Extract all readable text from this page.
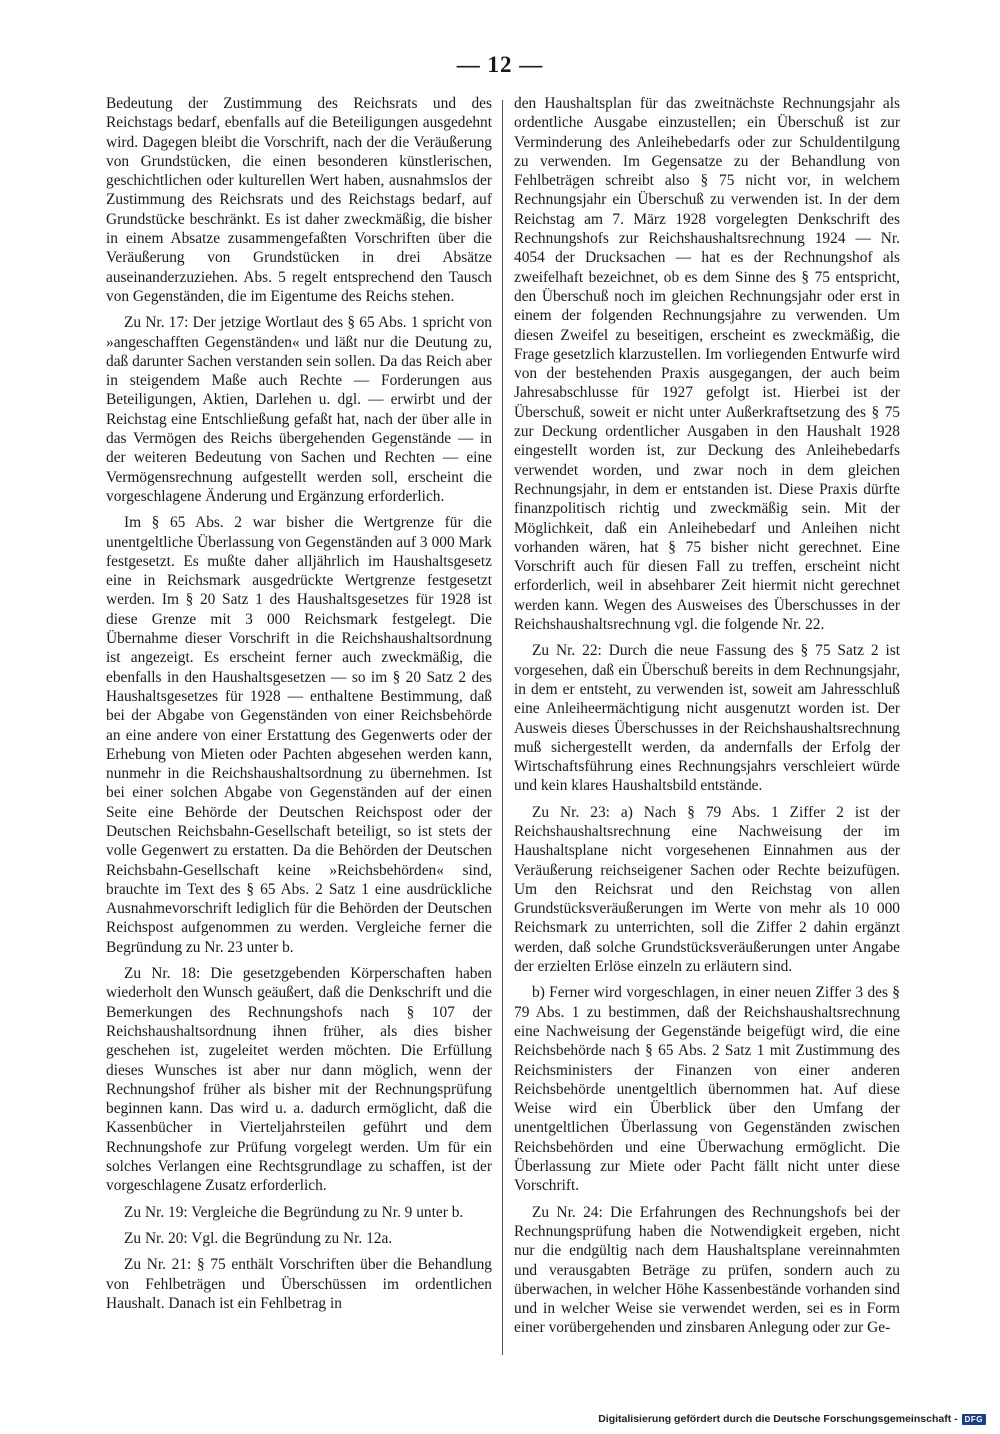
— 12 —

Bedeutung der Zustimmung des Reichsrats und des Reichstags bedarf, ebenfalls auf die Beteiligungen ausgedehnt wird. Dagegen bleibt die Vorschrift, nach der die Veräußerung von Grundstücken, die einen besonderen künstlerischen, geschichtlichen oder kulturellen Wert haben, ausnahmslos der Zustimmung des Reichsrats und des Reichstags bedarf, auf Grundstücke beschränkt. Es ist daher zweckmäßig, die bisher in einem Absatze zusammengefaßten Vorschriften über die Veräußerung von Grundstücken in drei Absätze auseinanderzuziehen. Abs. 5 regelt entsprechend den Tausch von Gegenständen, die im Eigentume des Reichs stehen.

Zu Nr. 17: Der jetzige Wortlaut des § 65 Abs. 1 spricht von »angeschafften Gegenständen« und läßt nur die Deutung zu, daß darunter Sachen verstanden sein sollen. Da das Reich aber in steigendem Maße auch Rechte — Forderungen aus Beteiligungen, Aktien, Darlehen u. dgl. — erwirbt und der Reichstag eine Entschließung gefaßt hat, nach der über alle in das Vermögen des Reichs übergehenden Gegenstände — in der weiteren Bedeutung von Sachen und Rechten — eine Vermögensrechnung aufgestellt werden soll, erscheint die vorgeschlagene Änderung und Ergänzung erforderlich.

Im § 65 Abs. 2 war bisher die Wertgrenze für die unentgeltliche Überlassung von Gegenständen auf 3 000 Mark festgesetzt. Es mußte daher alljährlich im Haushaltsgesetz eine in Reichsmark ausgedrückte Wertgrenze festgesetzt werden. Im § 20 Satz 1 des Haushaltsgesetzes für 1928 ist diese Grenze mit 3 000 Reichsmark festgelegt. Die Übernahme dieser Vorschrift in die Reichshaushaltsordnung ist angezeigt. Es erscheint ferner auch zweckmäßig, die ebenfalls in den Haushaltsgesetzen — so im § 20 Satz 2 des Haushaltsgesetzes für 1928 — enthaltene Bestimmung, daß bei der Abgabe von Gegenständen von einer Reichsbehörde an eine andere von einer Erstattung des Gegenwerts oder der Erhebung von Mieten oder Pachten abgesehen werden kann, nunmehr in die Reichshaushaltsordnung zu übernehmen. Ist bei einer solchen Abgabe von Gegenständen auf der einen Seite eine Behörde der Deutschen Reichspost oder der Deutschen Reichsbahn-Gesellschaft beteiligt, so ist stets der volle Gegenwert zu erstatten. Da die Behörden der Deutschen Reichsbahn-Gesellschaft keine »Reichsbehörden« sind, brauchte im Text des § 65 Abs. 2 Satz 1 eine ausdrückliche Ausnahmevorschrift lediglich für die Behörden der Deutschen Reichspost aufgenommen zu werden. Vergleiche ferner die Begründung zu Nr. 23 unter b.

Zu Nr. 18: Die gesetzgebenden Körperschaften haben wiederholt den Wunsch geäußert, daß die Denkschrift und die Bemerkungen des Rechnungshofs nach § 107 der Reichshaushaltsordnung ihnen früher, als dies bisher geschehen ist, zugeleitet werden möchten. Die Erfüllung dieses Wunsches ist aber nur dann möglich, wenn der Rechnungshof früher als bisher mit der Rechnungsprüfung beginnen kann. Das wird u. a. dadurch ermöglicht, daß die Kassenbücher in Vierteljahrsteilen geführt und dem Rechnungshofe zur Prüfung vorgelegt werden. Um für ein solches Verlangen eine Rechtsgrundlage zu schaffen, ist der vorgeschlagene Zusatz erforderlich.

Zu Nr. 19: Vergleiche die Begründung zu Nr. 9 unter b.

Zu Nr. 20: Vgl. die Begründung zu Nr. 12a.

Zu Nr. 21: § 75 enthält Vorschriften über die Behandlung von Fehlbeträgen und Überschüssen im ordentlichen Haushalt. Danach ist ein Fehlbetrag in

den Haushaltsplan für das zweitnächste Rechnungsjahr als ordentliche Ausgabe einzustellen; ein Überschuß ist zur Verminderung des Anleihebedarfs oder zur Schuldentilgung zu verwenden. Im Gegensatze zu der Behandlung von Fehlbeträgen schreibt also § 75 nicht vor, in welchem Rechnungsjahr ein Überschuß zu verwenden ist. In der dem Reichstag am 7. März 1928 vorgelegten Denkschrift des Rechnungshofs zur Reichshaushaltsrechnung 1924 — Nr. 4054 der Drucksachen — hat es der Rechnungshof als zweifelhaft bezeichnet, ob es dem Sinne des § 75 entspricht, den Überschuß noch im gleichen Rechnungsjahr oder erst in einem der folgenden Rechnungsjahre zu verwenden. Um diesen Zweifel zu beseitigen, erscheint es zweckmäßig, die Frage gesetzlich klarzustellen. Im vorliegenden Entwurfe wird von der bestehenden Praxis ausgegangen, der auch beim Jahresabschlusse für 1927 gefolgt ist. Hierbei ist der Überschuß, soweit er nicht unter Außerkraftsetzung des § 75 zur Deckung ordentlicher Ausgaben in den Haushalt 1928 eingestellt worden ist, zur Deckung des Anleihebedarfs verwendet worden, und zwar noch in dem gleichen Rechnungsjahr, in dem er entstanden ist. Diese Praxis dürfte finanzpolitisch richtig und zweckmäßig sein. Mit der Möglichkeit, daß ein Anleihebedarf und Anleihen nicht vorhanden wären, hat § 75 bisher nicht gerechnet. Eine Vorschrift auch für diesen Fall zu treffen, erscheint nicht erforderlich, weil in absehbarer Zeit hiermit nicht gerechnet werden kann. Wegen des Ausweises des Überschusses in der Reichshaushaltsrechnung vgl. die folgende Nr. 22.

Zu Nr. 22: Durch die neue Fassung des § 75 Satz 2 ist vorgesehen, daß ein Überschuß bereits in dem Rechnungsjahr, in dem er entsteht, zu verwenden ist, soweit am Jahresschluß eine Anleiheermächtigung nicht ausgenutzt worden ist. Der Ausweis dieses Überschusses in der Reichshaushaltsrechnung muß sichergestellt werden, da andernfalls der Erfolg der Wirtschaftsführung eines Rechnungsjahrs verschleiert würde und kein klares Haushaltsbild entstände.

Zu Nr. 23: a) Nach § 79 Abs. 1 Ziffer 2 ist der Reichshaushaltsrechnung eine Nachweisung der im Haushaltsplane nicht vorgesehenen Einnahmen aus der Veräußerung reichseigener Sachen oder Rechte beizufügen. Um den Reichsrat und den Reichstag von allen Grundstücksveräußerungen im Werte von mehr als 10 000 Reichsmark zu unterrichten, soll die Ziffer 2 dahin ergänzt werden, daß solche Grundstücksveräußerungen unter Angabe der erzielten Erlöse einzeln zu erläutern sind.

b) Ferner wird vorgeschlagen, in einer neuen Ziffer 3 des § 79 Abs. 1 zu bestimmen, daß der Reichshaushaltsrechnung eine Nachweisung der Gegenstände beigefügt wird, die eine Reichsbehörde nach § 65 Abs. 2 Satz 1 mit Zustimmung des Reichsministers der Finanzen von einer anderen Reichsbehörde unentgeltlich übernommen hat. Auf diese Weise wird ein Überblick über den Umfang der unentgeltlichen Überlassung von Gegenständen zwischen Reichsbehörden und eine Überwachung ermöglicht. Die Überlassung zur Miete oder Pacht fällt nicht unter diese Vorschrift.

Zu Nr. 24: Die Erfahrungen des Rechnungshofs bei der Rechnungsprüfung haben die Notwendigkeit ergeben, nicht nur die endgültig nach dem Haushaltsplane vereinnahmten und verausgabten Beträge zu prüfen, sondern auch zu überwachen, in welcher Höhe Kassenbestände vorhanden sind und in welcher Weise sie verwendet werden, sei es in Form einer vorübergehenden und zinsbaren Anlegung oder zur Ge-

Digitalisierung gefördert durch die Deutsche Forschungsgemeinschaft - DFG
